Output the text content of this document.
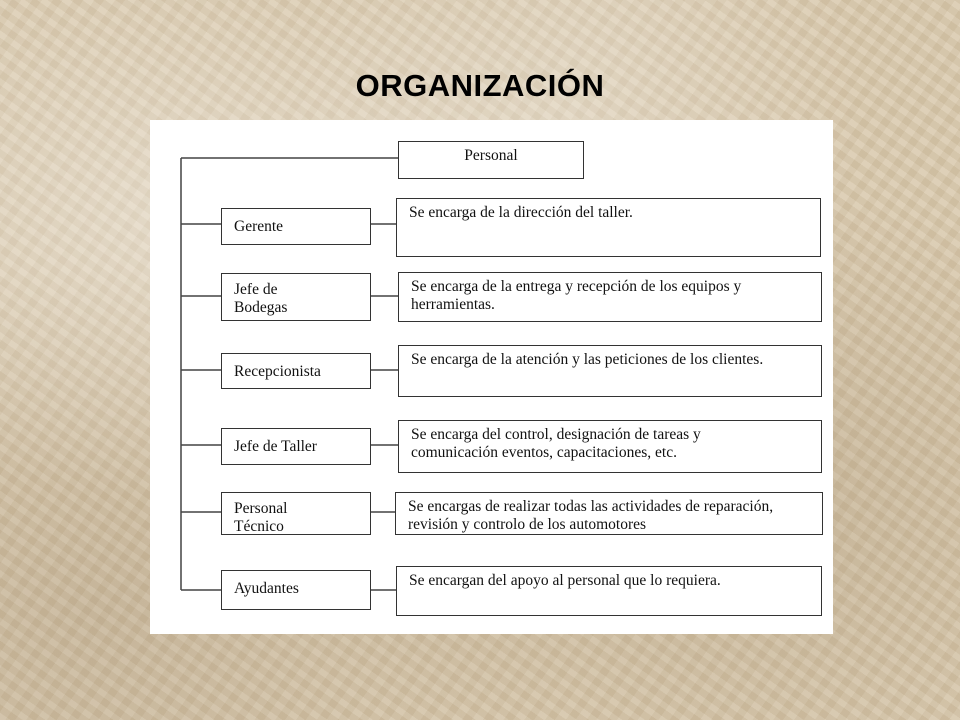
ORGANIZACIÓN
Personal
Gerente
Se encarga de la dirección del taller.
Jefe de Bodegas
Se encarga de la entrega y recepción de los equipos y herramientas.
Recepcionista
Se encarga de la atención y las peticiones de los clientes.
Jefe de Taller
Se encarga del control, designación de tareas y comunicación eventos, capacitaciones, etc.
Personal Técnico
Se encargas de realizar todas las actividades de reparación, revisión y controlo de los automotores
Ayudantes	Se encargan del apoyo al personal que lo requiera.
